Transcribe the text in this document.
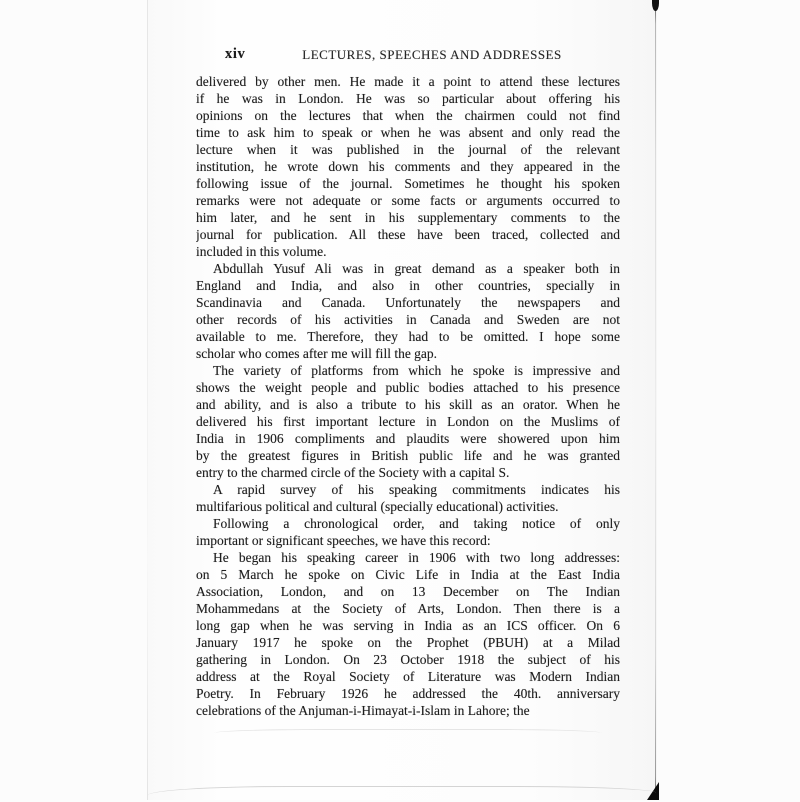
xiv	LECTURES, SPEECHES AND ADDRESSES

delivered by other men. He made it a point to attend these lectures
if he was in London. He was so particular about offering his
opinions on the lectures that when the chairmen could not find
time to ask him to speak or when he was absent and only read the
lecture when it was published in the journal of the relevant
institution, he wrote down his comments and they appeared in the
following issue of the journal. Sometimes he thought his spoken
remarks were not adequate or some facts or arguments occurred to
him later, and he sent in his supplementary comments to the
journal for publication. All these have been traced, collected and
included in this volume.

Abdullah Yusuf Ali was in great demand as a speaker both in
England and India, and also in other countries, specially in
Scandinavia and Canada. Unfortunately the newspapers and
other records of his activities in Canada and Sweden are not
available to me. Therefore, they had to be omitted. I hope some
scholar who comes after me will fill the gap.

The variety of platforms from which he spoke is impressive and
shows the weight people and public bodies attached to his presence
and ability, and is also a tribute to his skill as an orator. When he
delivered his first important lecture in London on the Muslims of
India in 1906 compliments and plaudits were showered upon him
by the greatest figures in British public life and he was granted
entry to the charmed circle of the Society with a capital S.

A rapid survey of his speaking commitments indicates his
multifarious political and cultural (specially educational) activities.

Following a chronological order, and taking notice of only
important or significant speeches, we have this record:

He began his speaking career in 1906 with two long addresses:
on 5 March he spoke on Civic Life in India at the East India
Association, London, and on 13 December on The Indian
Mohammedans at the Society of Arts, London. Then there is a
long gap when he was serving in India as an ICS officer. On 6
January 1917 he spoke on the Prophet (PBUH) at a Milad
gathering in London. On 23 October 1918 the subject of his
address at the Royal Society of Literature was Modern Indian
Poetry. In February 1926 he addressed the 40th. anniversary
celebrations of the Anjuman-i-Himayat-i-Islam in Lahore; the
